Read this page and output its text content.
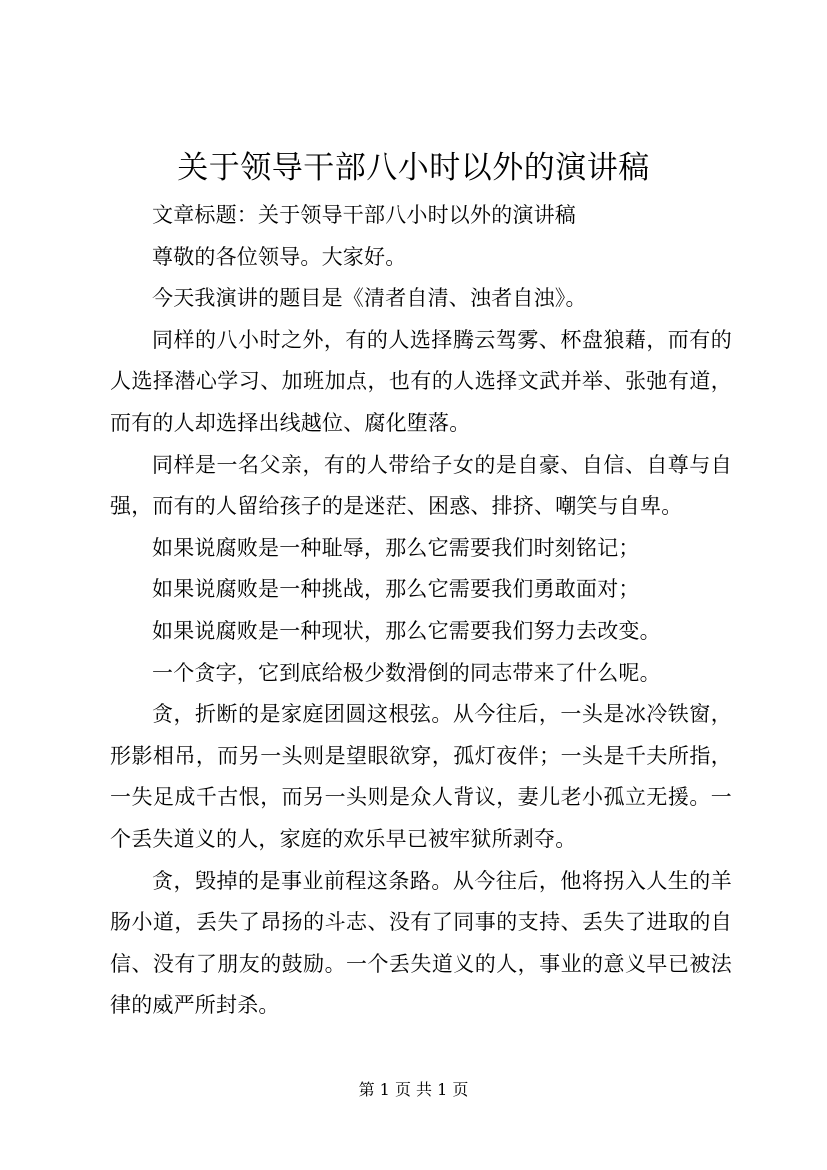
关于领导干部八小时以外的演讲稿

文章标题：关于领导干部八小时以外的演讲稿

尊敬的各位领导。大家好。

今天我演讲的题目是《清者自清、浊者自浊》。

同样的八小时之外，有的人选择腾云驾雾、杯盘狼藉，而有的人选择潜心学习、加班加点，也有的人选择文武并举、张弛有道，而有的人却选择出线越位、腐化堕落。

同样是一名父亲，有的人带给子女的是自豪、自信、自尊与自强，而有的人留给孩子的是迷茫、困惑、排挤、嘲笑与自卑。

如果说腐败是一种耻辱，那么它需要我们时刻铭记；

如果说腐败是一种挑战，那么它需要我们勇敢面对；

如果说腐败是一种现状，那么它需要我们努力去改变。

一个贪字，它到底给极少数滑倒的同志带来了什么呢。

贪，折断的是家庭团圆这根弦。从今往后，一头是冰冷铁窗，形影相吊，而另一头则是望眼欲穿，孤灯夜伴；一头是千夫所指，一失足成千古恨，而另一头则是众人背议，妻儿老小孤立无援。一个丢失道义的人，家庭的欢乐早已被牢狱所剥夺。

贪，毁掉的是事业前程这条路。从今往后，他将拐入人生的羊肠小道，丢失了昂扬的斗志、没有了同事的支持、丢失了进取的自信、没有了朋友的鼓励。一个丢失道义的人，事业的意义早已被法律的威严所封杀。

第 1 页 共 1 页
